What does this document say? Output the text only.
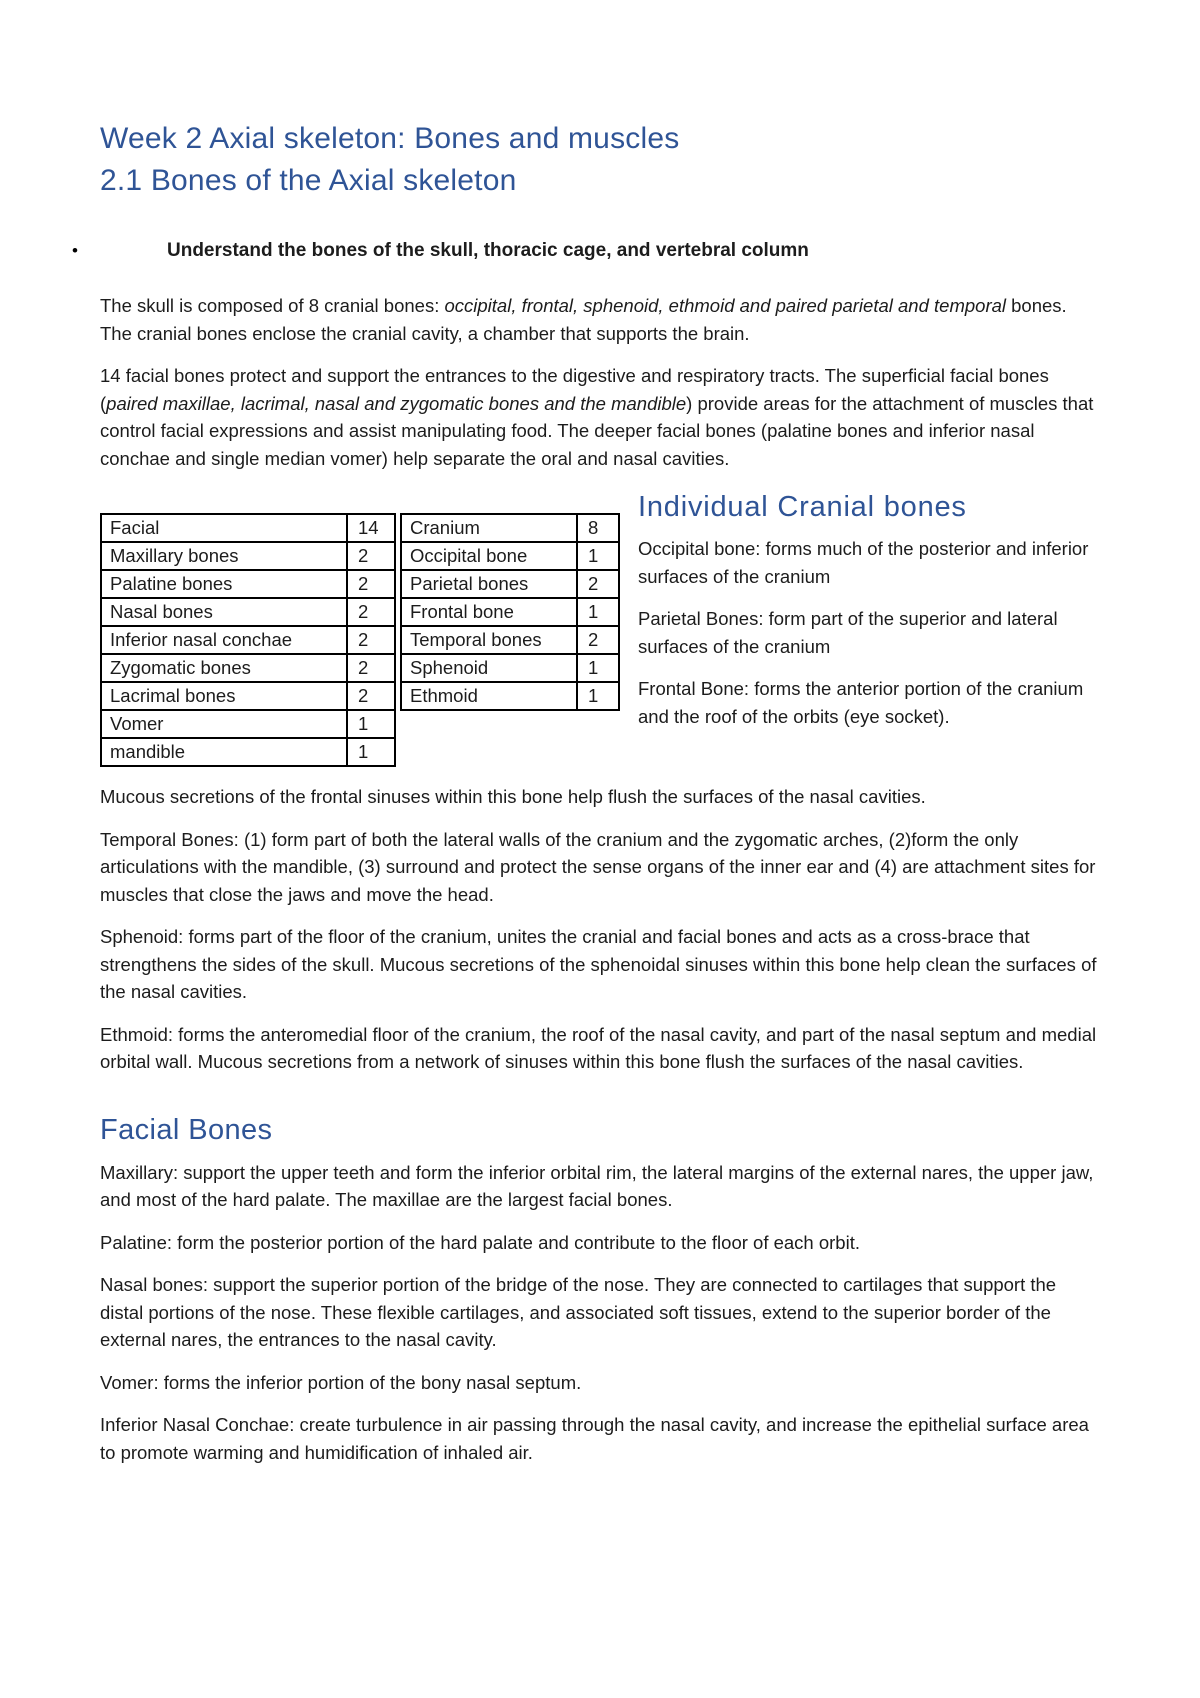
Week 2 Axial skeleton: Bones and muscles
2.1 Bones of the Axial skeleton
•	Understand the bones of the skull, thoracic cage, and vertebral column

The skull is composed of 8 cranial bones: occipital, frontal, sphenoid, ethmoid and paired parietal and temporal bones. The cranial bones enclose the cranial cavity, a chamber that supports the brain.

14 facial bones protect and support the entrances to the digestive and respiratory tracts. The superficial facial bones (paired maxillae, lacrimal, nasal and zygomatic bones and the mandible) provide areas for the attachment of muscles that control facial expressions and assist manipulating food. The deeper facial bones (palatine bones and inferior nasal conchae and single median vomer) help separate the oral and nasal cavities.

Facial	14
Maxillary bones	2
Palatine bones	2
Nasal bones	2
Inferior nasal conchae	2
Zygomatic bones	2
Lacrimal bones	2
Vomer	1
mandible	1
Cranium	8
Occipital bone	1
Parietal bones	2
Frontal bone	1
Temporal bones	2
Sphenoid	1
Ethmoid	1
Individual Cranial bones

Occipital bone: forms much of the posterior and inferior surfaces of the cranium

Parietal Bones: form part of the superior and lateral surfaces of the cranium

Frontal Bone: forms the anterior portion of the cranium and the roof of the orbits (eye socket).

Mucous secretions of the frontal sinuses within this bone help flush the surfaces of the nasal cavities.

Temporal Bones: (1) form part of both the lateral walls of the cranium and the zygomatic arches, (2)form the only articulations with the mandible, (3) surround and protect the sense organs of the inner ear and (4) are attachment sites for muscles that close the jaws and move the head.

Sphenoid: forms part of the floor of the cranium, unites the cranial and facial bones and acts as a cross-brace that strengthens the sides of the skull. Mucous secretions of the sphenoidal sinuses within this bone help clean the surfaces of the nasal cavities.

Ethmoid: forms the anteromedial floor of the cranium, the roof of the nasal cavity, and part of the nasal septum and medial orbital wall. Mucous secretions from a network of sinuses within this bone flush the surfaces of the nasal cavities.

Facial Bones

Maxillary: support the upper teeth and form the inferior orbital rim, the lateral margins of the external nares, the upper jaw, and most of the hard palate. The maxillae are the largest facial bones.

Palatine: form the posterior portion of the hard palate and contribute to the floor of each orbit.

Nasal bones: support the superior portion of the bridge of the nose. They are connected to cartilages that support the distal portions of the nose. These flexible cartilages, and associated soft tissues, extend to the superior border of the external nares, the entrances to the nasal cavity.

Vomer: forms the inferior portion of the bony nasal septum.

Inferior Nasal Conchae: create turbulence in air passing through the nasal cavity, and increase the epithelial surface area to promote warming and humidification of inhaled air.
